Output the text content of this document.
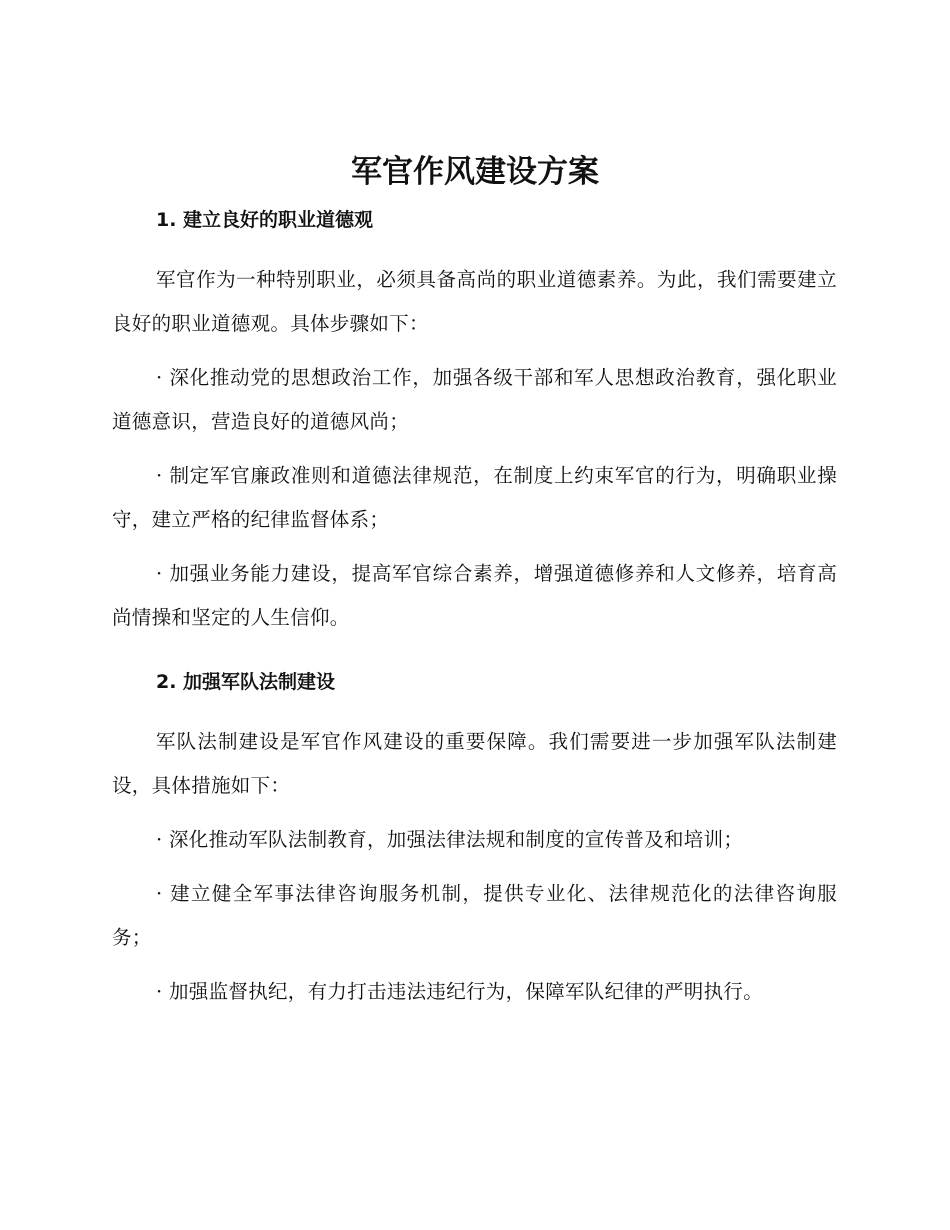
军官作风建设方案
1. 建立良好的职业道德观

军官作为一种特别职业，必须具备高尚的职业道德素养。为此，我们需要建立良好的职业道德观。具体步骤如下：

· 深化推动党的思想政治工作，加强各级干部和军人思想政治教育，强化职业道德意识，营造良好的道德风尚；

· 制定军官廉政准则和道德法律规范，在制度上约束军官的行为，明确职业操守，建立严格的纪律监督体系；

· 加强业务能力建设，提高军官综合素养，增强道德修养和人文修养，培育高尚情操和坚定的人生信仰。

2. 加强军队法制建设

军队法制建设是军官作风建设的重要保障。我们需要进一步加强军队法制建设，具体措施如下：

· 深化推动军队法制教育，加强法律法规和制度的宣传普及和培训；

· 建立健全军事法律咨询服务机制，提供专业化、法律规范化的法律咨询服务；

· 加强监督执纪，有力打击违法违纪行为，保障军队纪律的严明执行。
